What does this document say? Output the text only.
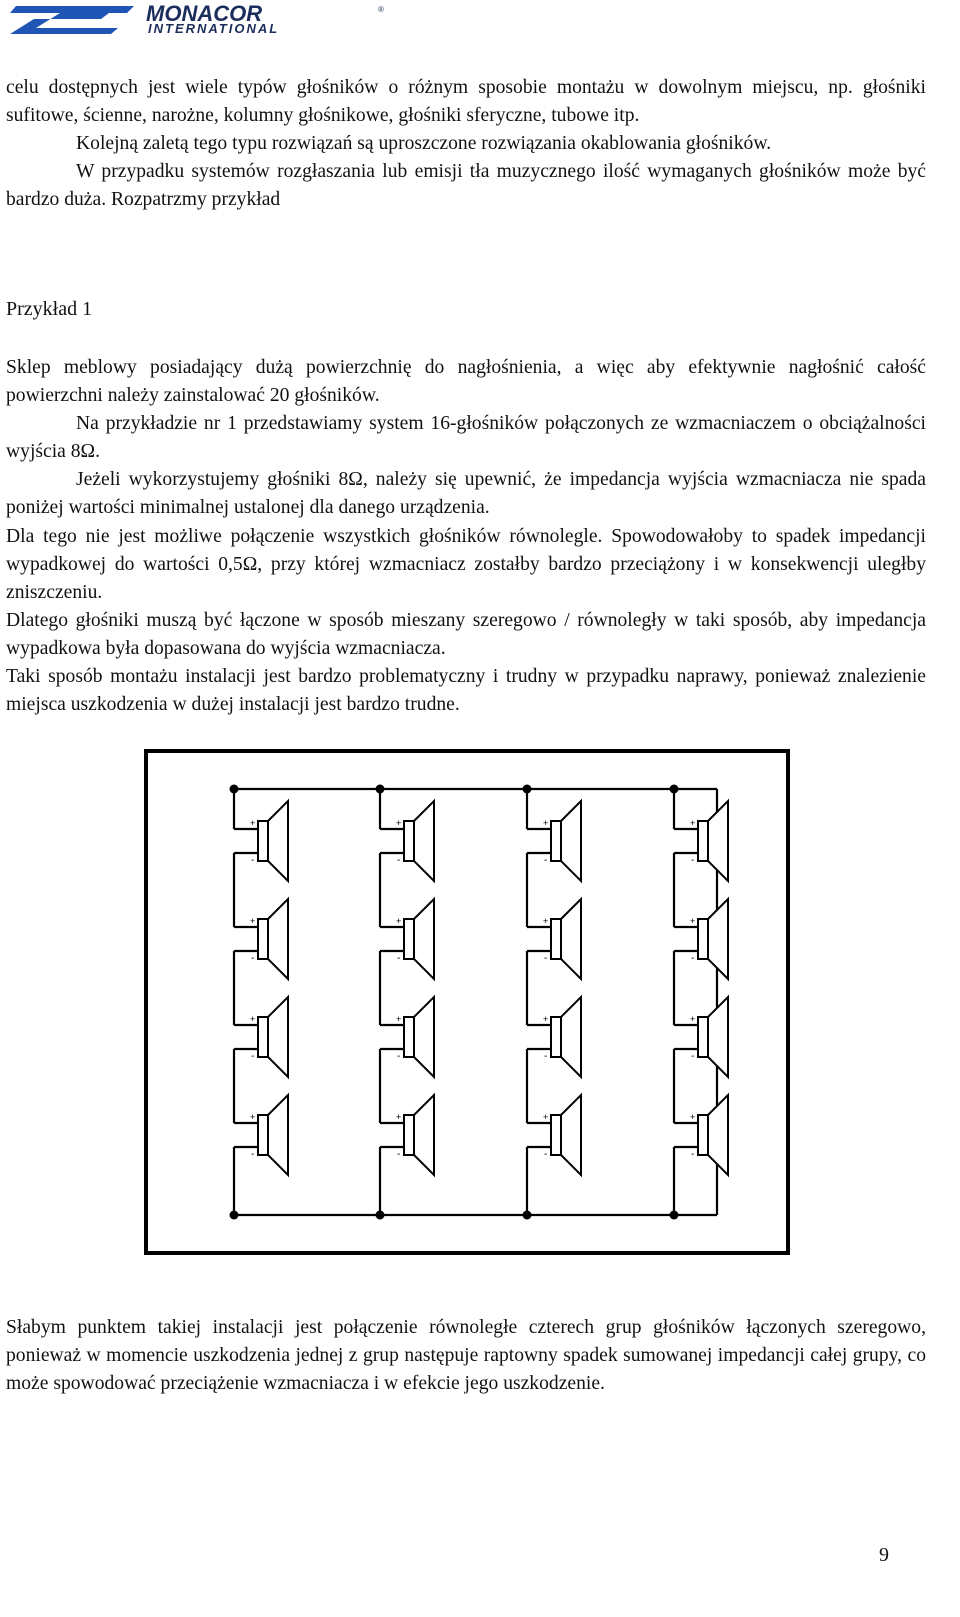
MONACOR	®
INTERNATIONAL

celu dostępnych jest wiele typów głośników o różnym sposobie montażu w dowolnym miejscu, np. głośniki sufitowe, ścienne, narożne, kolumny głośnikowe, głośniki sferyczne, tubowe itp.

Kolejną zaletą tego typu rozwiązań są uproszczone rozwiązania okablowania głośników.

W przypadku systemów rozgłaszania lub emisji tła muzycznego ilość wymaganych głośników może być bardzo duża. Rozpatrzmy przykład

Przykład 1

Sklep meblowy posiadający dużą powierzchnię do nagłośnienia, a więc aby efektywnie nagłośnić całość powierzchni należy zainstalować 20 głośników.

Na przykładzie nr 1 przedstawiamy system 16-głośników połączonych ze wzmacniaczem o obciążalności wyjścia 8Ω.

Jeżeli wykorzystujemy głośniki 8Ω, należy się upewnić, że impedancja wyjścia wzmacniacza nie spada poniżej wartości minimalnej ustalonej dla danego urządzenia.

Dla tego nie jest możliwe połączenie wszystkich głośników równolegle. Spowodowałoby to spadek impedancji wypadkowej do wartości 0,5Ω, przy której wzmacniacz zostałby bardzo przeciążony i w konsekwencji uległby zniszczeniu.

Dlatego głośniki muszą być łączone w sposób mieszany szeregowo / równoległy w taki sposób, aby impedancja wypadkowa była dopasowana do wyjścia wzmacniacza.

Taki sposób montażu instalacji jest bardzo problematyczny i trudny w przypadku naprawy, ponieważ znalezienie miejsca uszkodzenia w dużej instalacji jest bardzo trudne.

+
-
+
-
+
-
+
-
+
-
+
-
+
-
+
-
+
-
+
-
+
-
+
-
+
-
+
-
+
-
+
-

Słabym punktem takiej instalacji jest połączenie równoległe czterech grup głośników łączonych szeregowo, ponieważ w momencie uszkodzenia jednej z grup następuje raptowny spadek sumowanej impedancji całej grupy, co może spowodować przeciążenie wzmacniacza i w efekcie jego uszkodzenie.

9
